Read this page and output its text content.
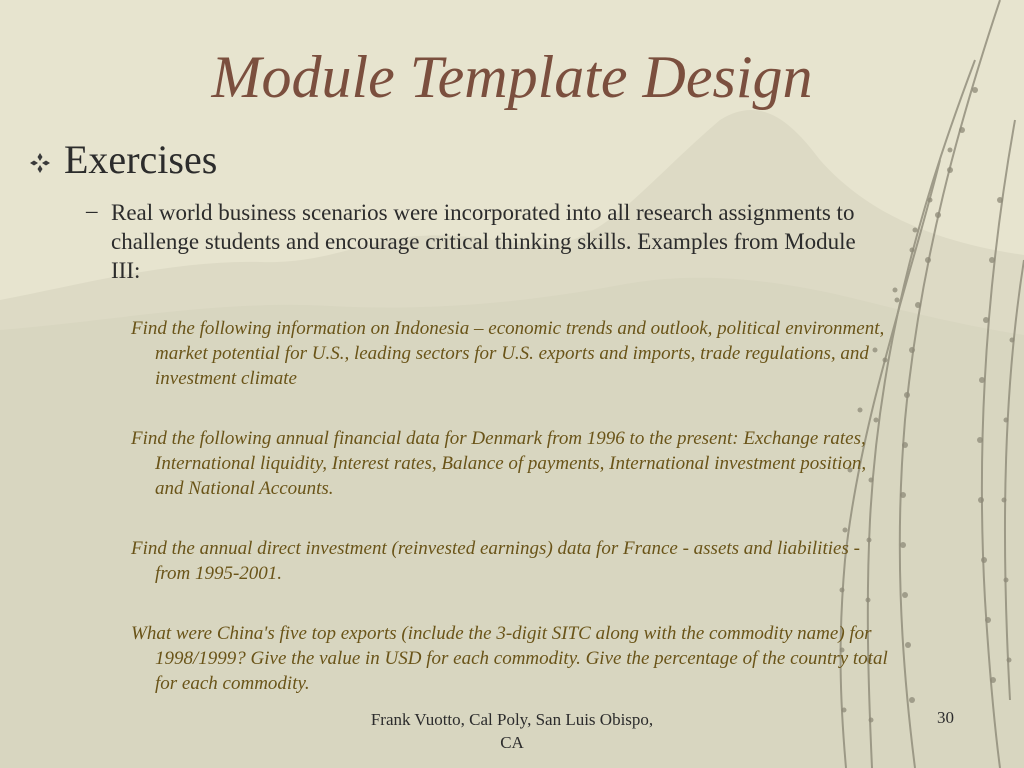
Module Template Design
Exercises
– Real world business scenarios were incorporated into all research assignments to challenge students and encourage critical thinking skills. Examples from Module III:

Find the following information on Indonesia – economic trends and outlook, political environment, market potential for U.S., leading sectors for U.S. exports and imports, trade regulations, and investment climate

Find the following annual financial data for Denmark from 1996 to the present: Exchange rates, International liquidity, Interest rates, Balance of payments, International investment position, and National Accounts.

Find the annual direct investment (reinvested earnings) data for France - assets and liabilities - from 1995-2001.

What were China's five top exports (include the 3-digit SITC along with the commodity name) for 1998/1999? Give the value in USD for each commodity. Give the percentage of the country total for each commodity.

Frank Vuotto, Cal Poly, San Luis Obispo, CA
30
